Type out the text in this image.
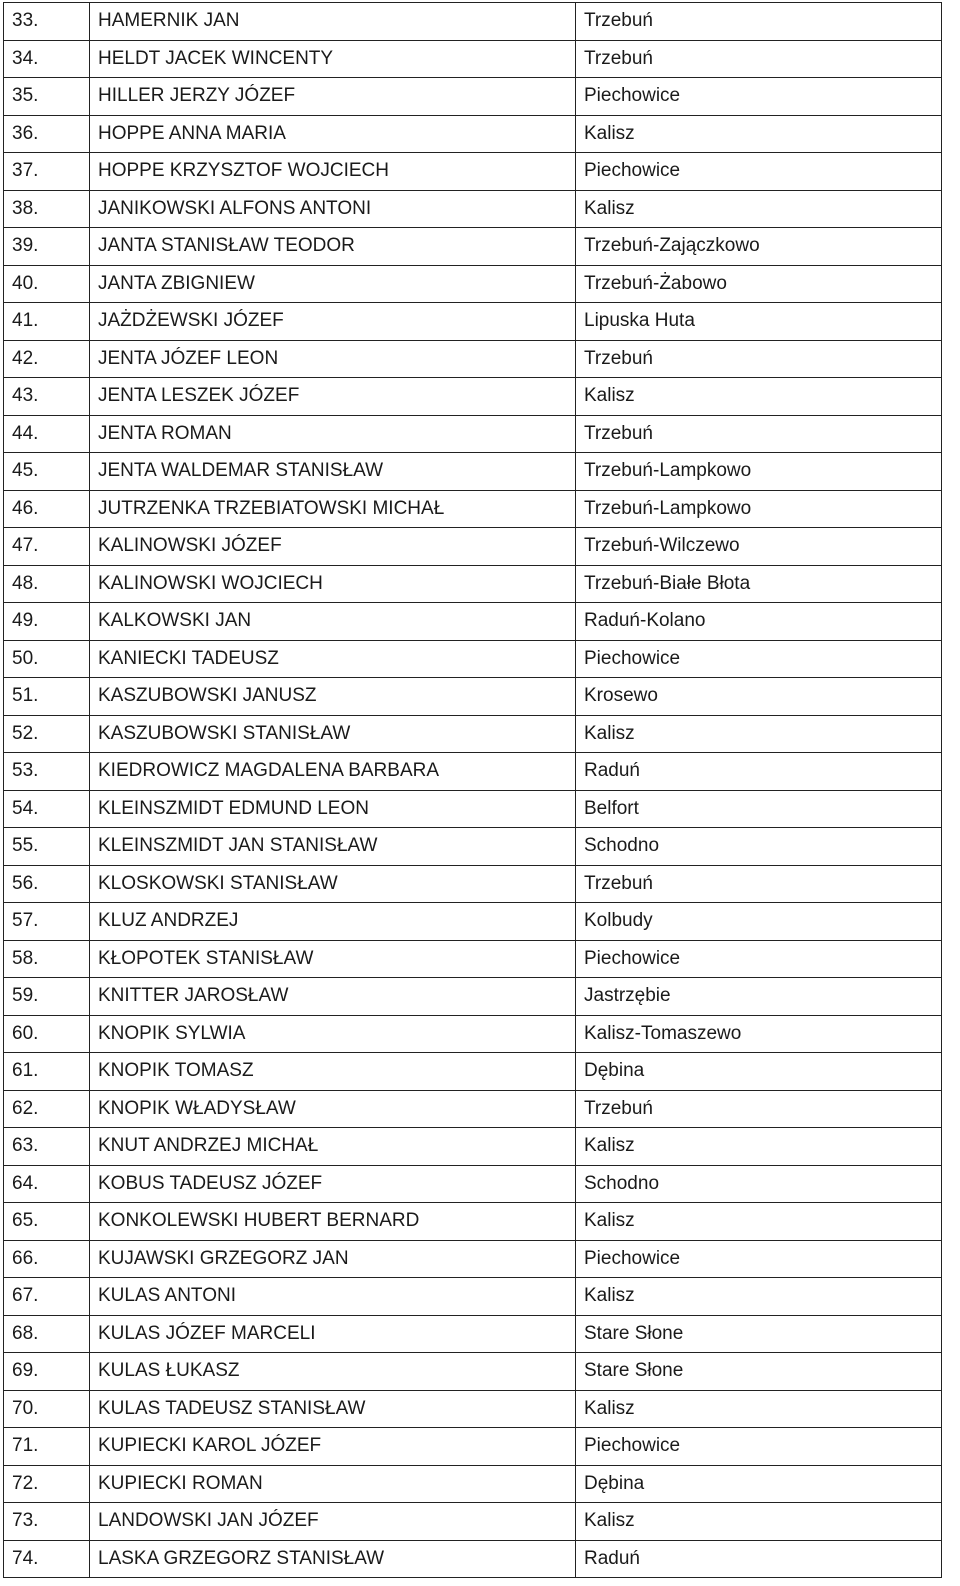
33.	HAMERNIK JAN	Trzebuń
34.	HELDT JACEK WINCENTY	Trzebuń
35.	HILLER JERZY JÓZEF	Piechowice
36.	HOPPE ANNA MARIA	Kalisz
37.	HOPPE KRZYSZTOF WOJCIECH	Piechowice
38.	JANIKOWSKI ALFONS ANTONI	Kalisz
39.	JANTA STANISŁAW TEODOR	Trzebuń-Zajączkowo
40.	JANTA ZBIGNIEW	Trzebuń-Żabowo
41.	JAŻDŻEWSKI JÓZEF	Lipuska Huta
42.	JENTA JÓZEF LEON	Trzebuń
43.	JENTA LESZEK JÓZEF	Kalisz
44.	JENTA ROMAN	Trzebuń
45.	JENTA WALDEMAR STANISŁAW	Trzebuń-Lampkowo
46.	JUTRZENKA TRZEBIATOWSKI MICHAŁ	Trzebuń-Lampkowo
47.	KALINOWSKI JÓZEF	Trzebuń-Wilczewo
48.	KALINOWSKI WOJCIECH	Trzebuń-Białe Błota
49.	KALKOWSKI JAN	Raduń-Kolano
50.	KANIECKI TADEUSZ	Piechowice
51.	KASZUBOWSKI JANUSZ	Krosewo
52.	KASZUBOWSKI STANISŁAW	Kalisz
53.	KIEDROWICZ MAGDALENA BARBARA	Raduń
54.	KLEINSZMIDT EDMUND LEON	Belfort
55.	KLEINSZMIDT JAN STANISŁAW	Schodno
56.	KLOSKOWSKI STANISŁAW	Trzebuń
57.	KLUZ ANDRZEJ	Kolbudy
58.	KŁOPOTEK STANISŁAW	Piechowice
59.	KNITTER JAROSŁAW	Jastrzębie
60.	KNOPIK SYLWIA	Kalisz-Tomaszewo
61.	KNOPIK TOMASZ	Dębina
62.	KNOPIK WŁADYSŁAW	Trzebuń
63.	KNUT ANDRZEJ MICHAŁ	Kalisz
64.	KOBUS TADEUSZ JÓZEF	Schodno
65.	KONKOLEWSKI HUBERT BERNARD	Kalisz
66.	KUJAWSKI GRZEGORZ JAN	Piechowice
67.	KULAS ANTONI	Kalisz
68.	KULAS JÓZEF MARCELI	Stare Słone
69.	KULAS ŁUKASZ	Stare Słone
70.	KULAS TADEUSZ STANISŁAW	Kalisz
71.	KUPIECKI KAROL JÓZEF	Piechowice
72.	KUPIECKI ROMAN	Dębina
73.	LANDOWSKI JAN JÓZEF	Kalisz
74.	LASKA GRZEGORZ STANISŁAW	Raduń
